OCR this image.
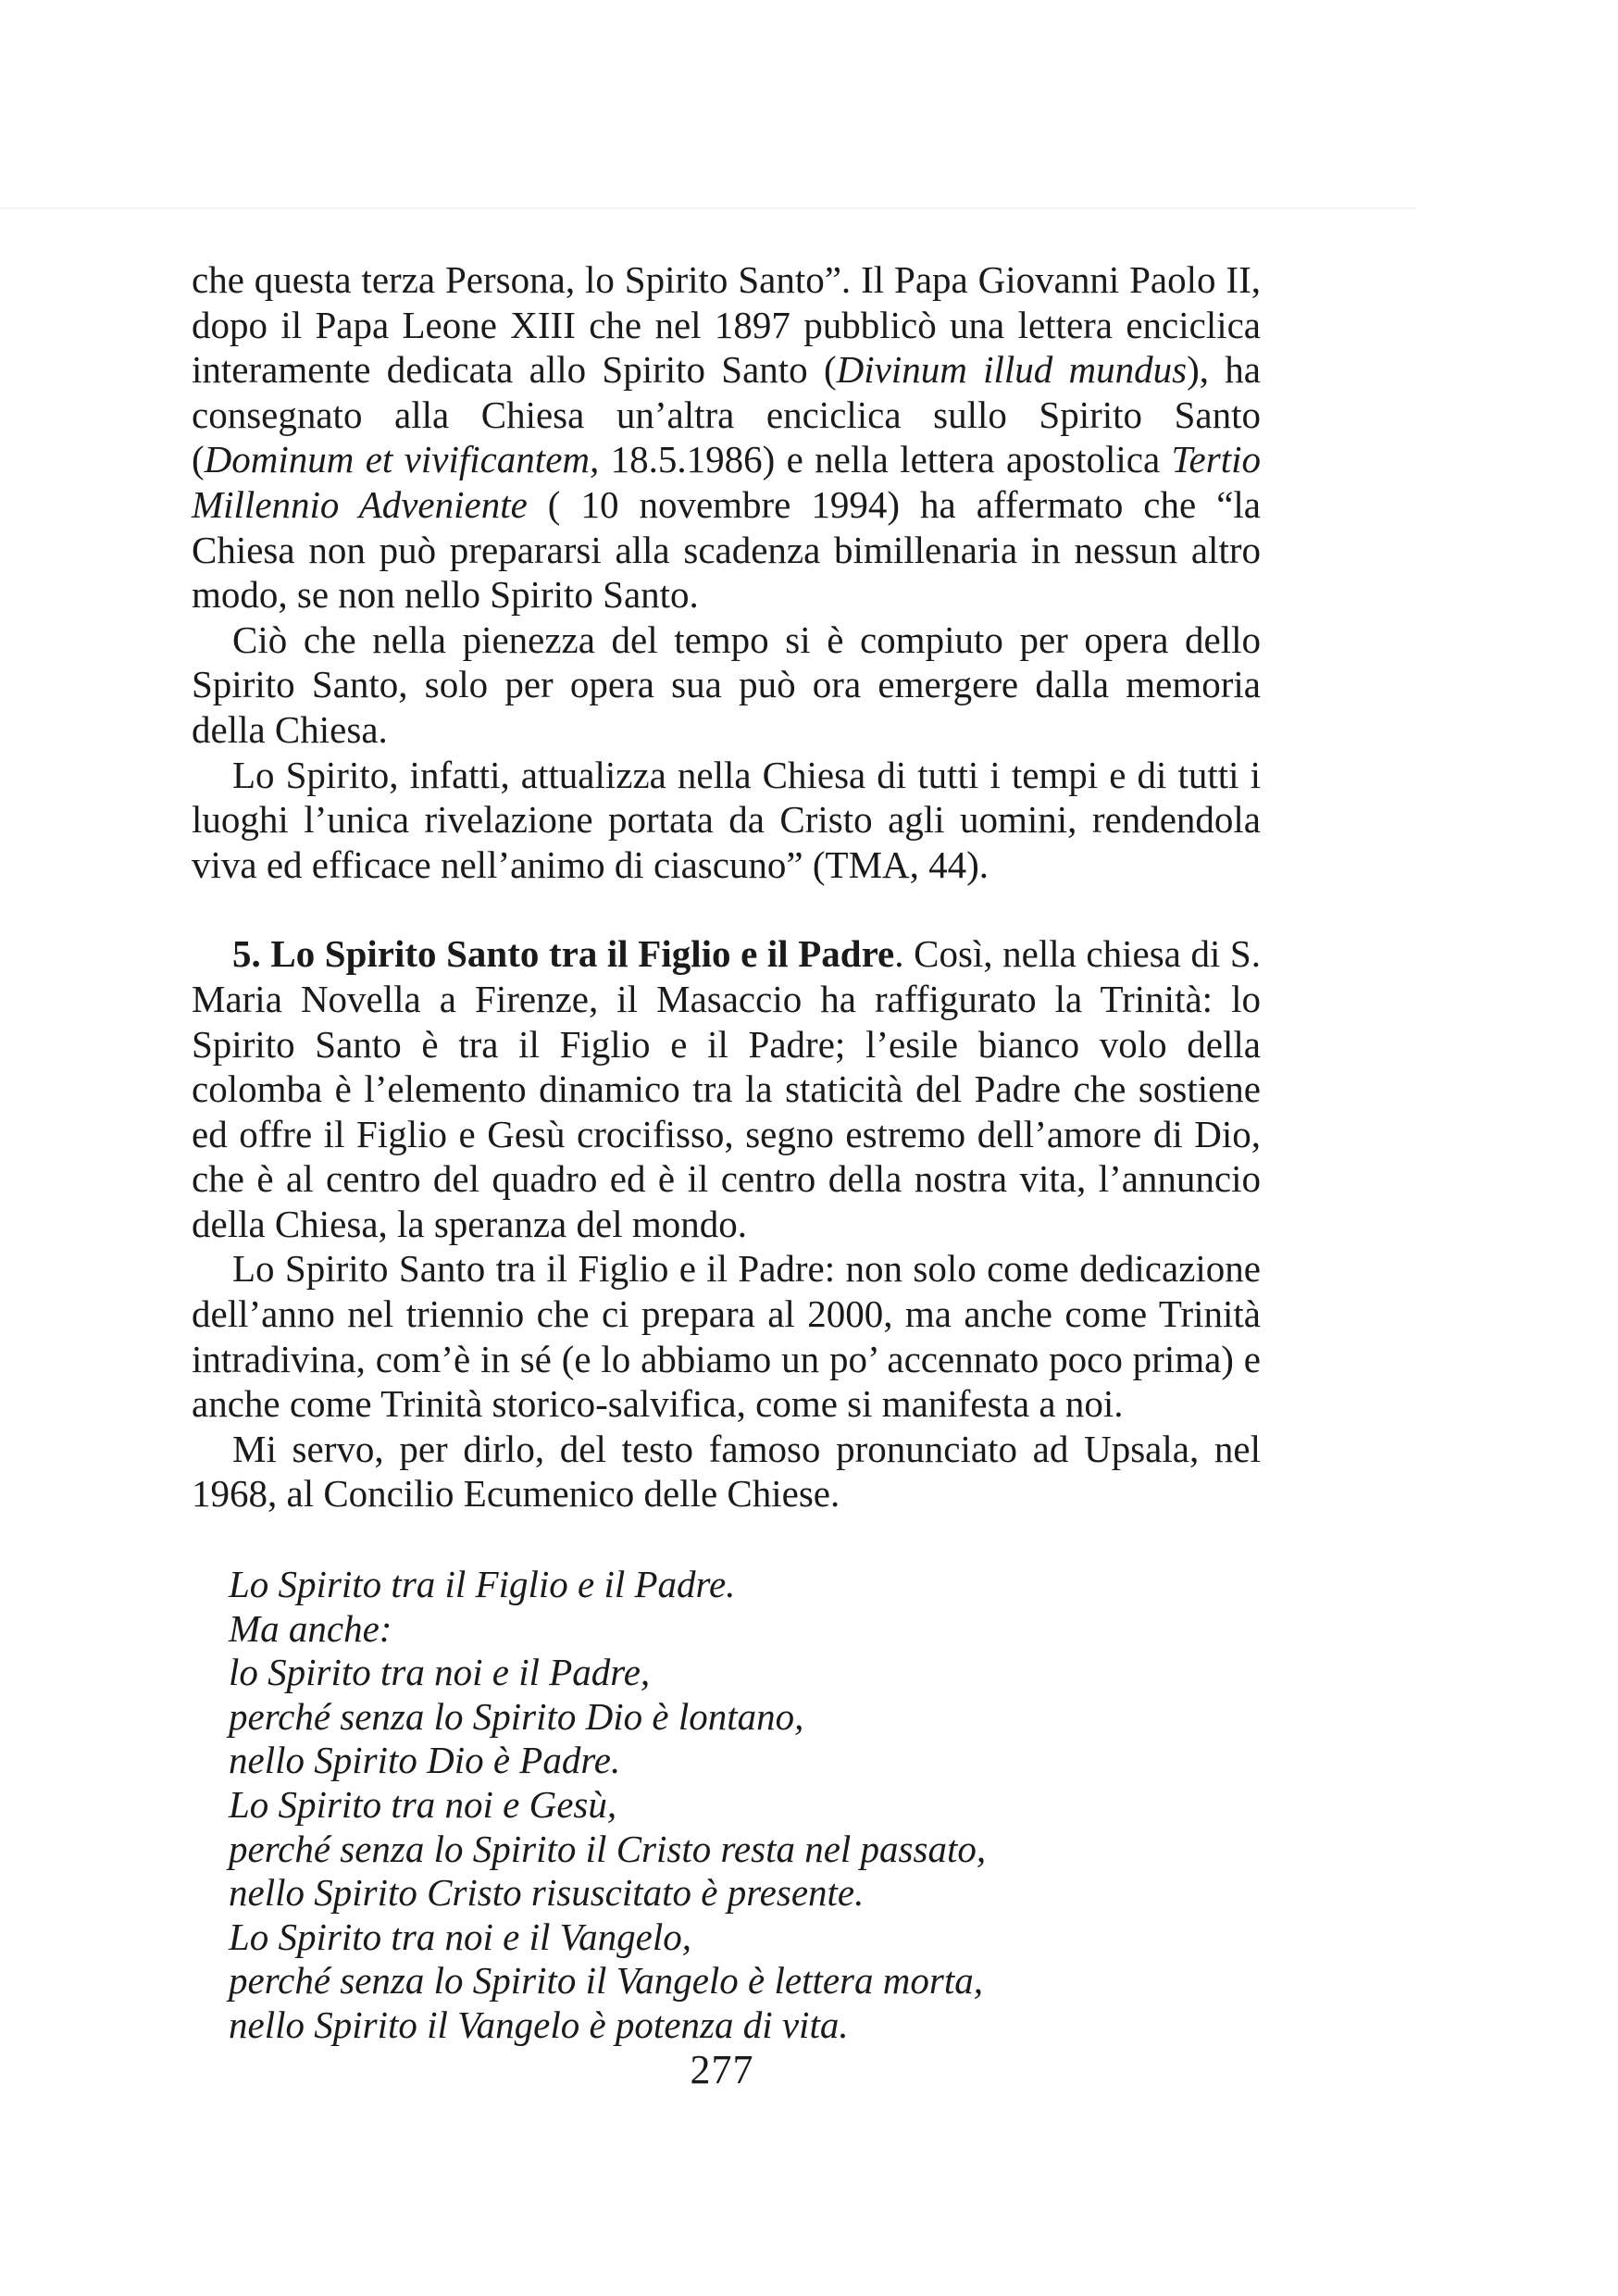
che questa terza Persona, lo Spirito Santo”. Il Papa Giovanni Paolo II, dopo il Papa Leone XIII che nel 1897 pubblicò una lettera enciclica interamente dedicata allo Spirito Santo (Divinum illud mundus), ha consegnato alla Chiesa un’altra enciclica sullo Spirito Santo (Dominum et vivificantem, 18.5.1986) e nella lettera apostolica Tertio Millennio Adveniente ( 10 novembre 1994) ha affermato che “la Chiesa non può prepararsi alla scadenza bimillenaria in nessun altro modo, se non nello Spirito Santo.

Ciò che nella pienezza del tempo si è compiuto per opera dello Spirito Santo, solo per opera sua può ora emergere dalla memoria della Chiesa.

Lo Spirito, infatti, attualizza nella Chiesa di tutti i tempi e di tutti i luoghi l’unica rivelazione portata da Cristo agli uomini, rendendola viva ed efficace nell’animo di ciascuno” (TMA, 44).

5. Lo Spirito Santo tra il Figlio e il Padre. Così, nella chiesa di S. Maria Novella a Firenze, il Masaccio ha raffigurato la Trinità: lo Spirito Santo è tra il Figlio e il Padre; l’esile bianco volo della colomba è l’elemento dinamico tra la staticità del Padre che sostiene ed offre il Figlio e Gesù crocifisso, segno estremo dell’amore di Dio, che è al centro del quadro ed è il centro della nostra vita, l’annuncio della Chiesa, la speranza del mondo.

Lo Spirito Santo tra il Figlio e il Padre: non solo come dedicazione dell’anno nel triennio che ci prepara al 2000, ma anche come Trinità intradivina, com’è in sé (e lo abbiamo un po’ accennato poco prima) e anche come Trinità storico-salvifica, come si manifesta a noi.

Mi servo, per dirlo, del testo famoso pronunciato ad Upsala, nel 1968, al Concilio Ecumenico delle Chiese.

Lo Spirito tra il Figlio e il Padre.
Ma anche:
lo Spirito tra noi e il Padre,
perché senza lo Spirito Dio è lontano,
nello Spirito Dio è Padre.
Lo Spirito tra noi e Gesù,
perché senza lo Spirito il Cristo resta nel passato,
nello Spirito Cristo risuscitato è presente.
Lo Spirito tra noi e il Vangelo,
perché senza lo Spirito il Vangelo è lettera morta,
nello Spirito il Vangelo è potenza di vita.
277
